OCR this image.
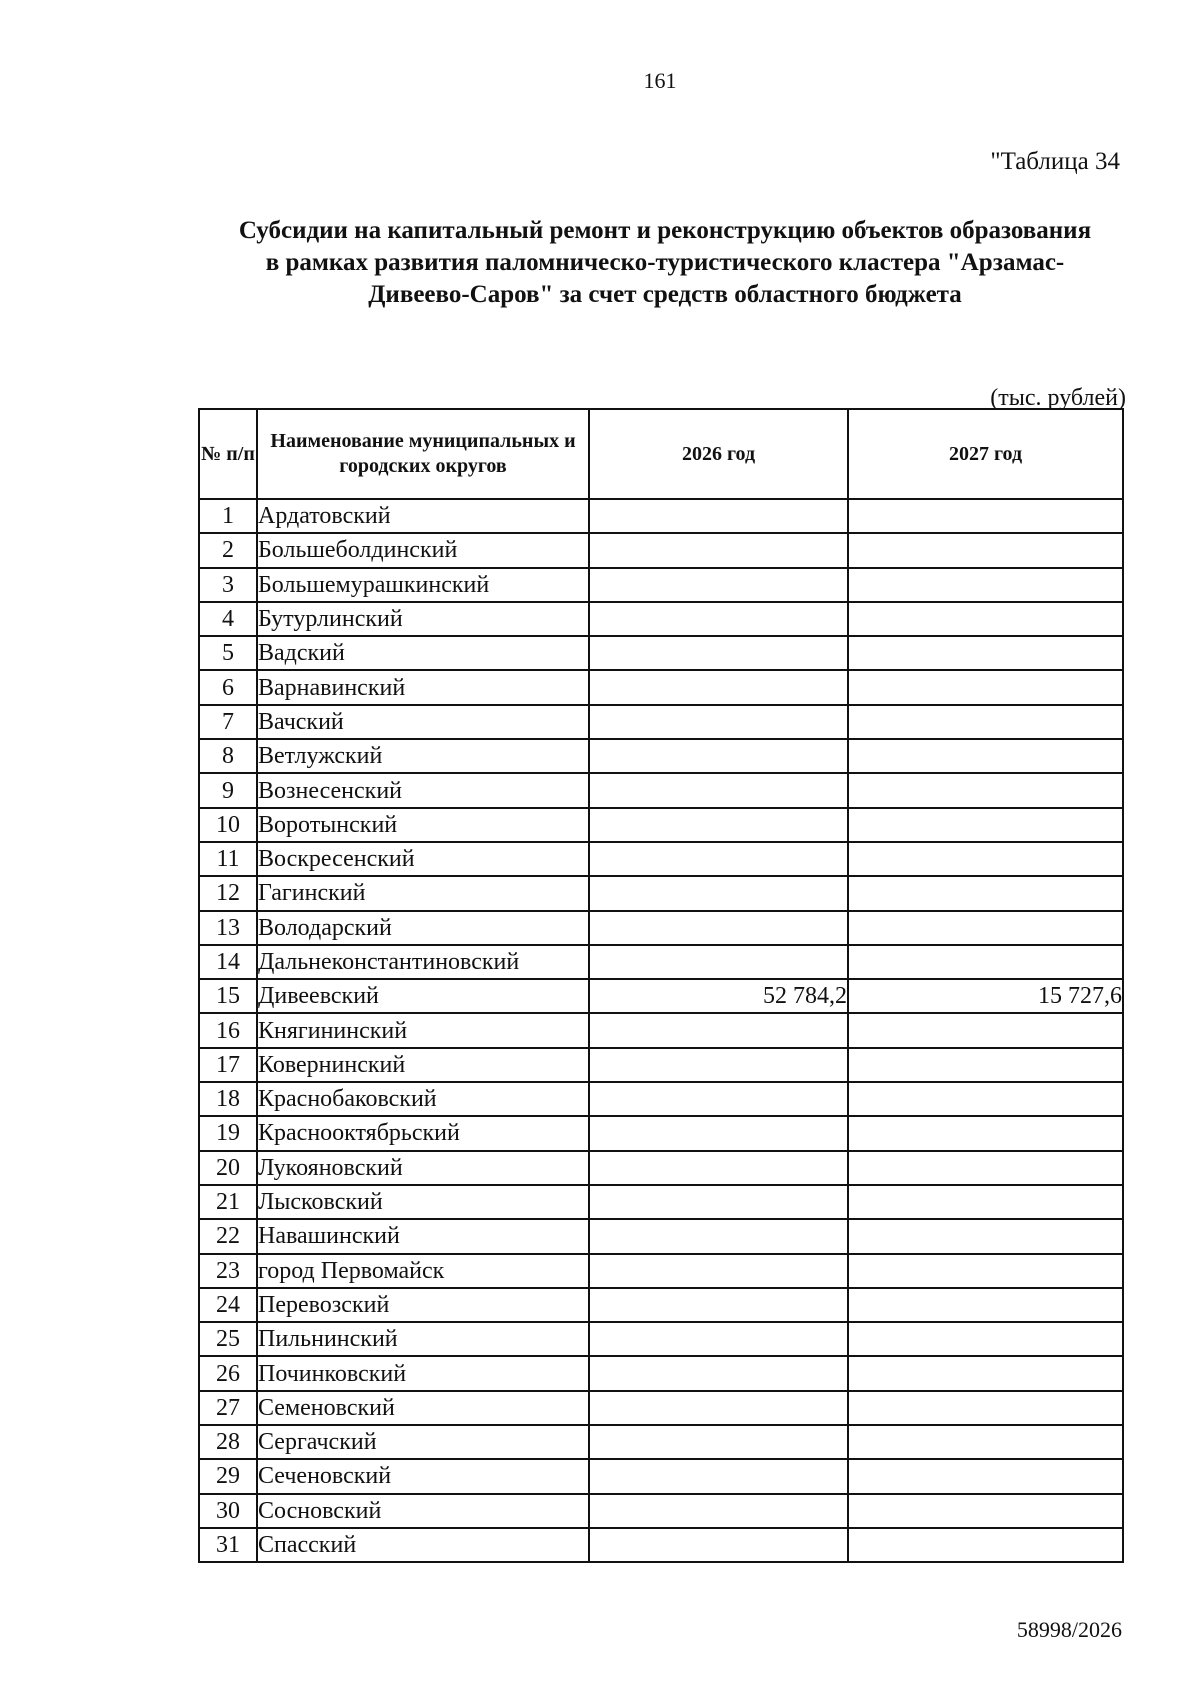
161
"Таблица 34
Субсидии на капитальный ремонт и реконструкцию объектов образования в рамках развития паломническо-туристического кластера "Арзамас-Дивеево-Саров" за счет средств областного бюджета
(тыс. рублей)
№ п/п	Наименование муниципальных и городских округов	2026 год	2027 год
1	Ардатовский		
2	Большеболдинский		
3	Большемурашкинский		
4	Бутурлинский		
5	Вадский		
6	Варнавинский		
7	Вачский		
8	Ветлужский		
9	Вознесенский		
10	Воротынский		
11	Воскресенский		
12	Гагинский		
13	Володарский		
14	Дальнеконстантиновский		
15	Дивеевский	52 784,2	15 727,6
16	Княгининский		
17	Ковернинский		
18	Краснобаковский		
19	Краснооктябрьский		
20	Лукояновский		
21	Лысковский		
22	Навашинский		
23	город Первомайск		
24	Перевозский		
25	Пильнинский		
26	Починковский		
27	Семеновский		
28	Сергачский		
29	Сеченовский		
30	Сосновский		
31	Спасский		
58998/2026
